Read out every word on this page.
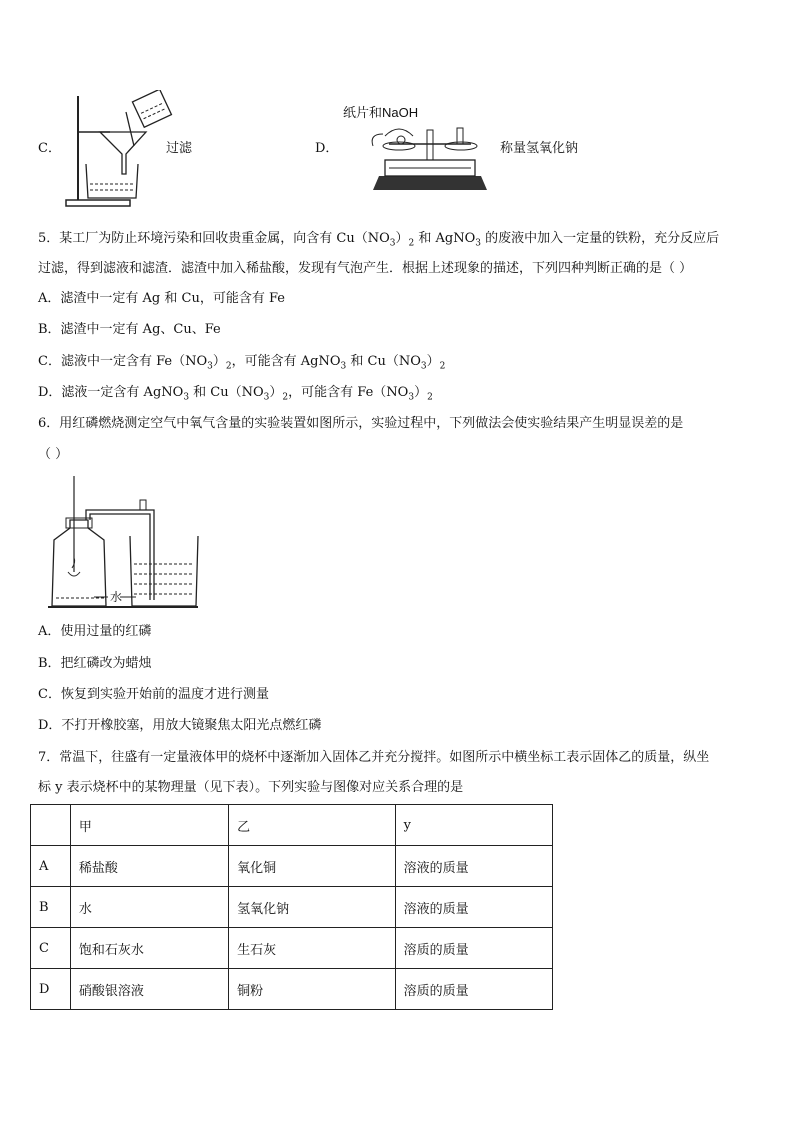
C．	过滤	D．
纸片和NaOH
称量氢氧化钠
5．某工厂为防止环境污染和回收贵重金属，向含有 $Cu(NO_3)_2$ 和 AgNO$_3$ 的废液中加入一定量的铁粉，充分反应后
过滤，得到滤液和滤渣．滤渣中加入稀盐酸，发现有气泡产生．根据上述现象的描述，下列四种判断正确的是（ ）
A．滤渣中一定有 Ag 和 Cu，可能含有 Fe
B．滤渣中一定有 Ag、Cu、Fe
C．滤液中一定含有 $Fe(NO_3)_2$，可能含有 AgNO$_3$ 和 $Cu(NO_3)_2$
D．滤液一定含有 AgNO$_3$ 和 $Cu(NO_3)_2$，可能含有 $Fe(NO_3)_2$
6．用红磷燃烧测定空气中氧气含量的实验装置如图所示，实验过程中，下列做法会使实验结果产生明显误差的是
（ ）
水
A．使用过量的红磷
B．把红磷改为蜡烛
C．恢复到实验开始前的温度才进行测量
D．不打开橡胶塞，用放大镜聚焦太阳光点燃红磷
7．常温下，往盛有一定量液体甲的烧杯中逐渐加入固体乙并充分搅拌。如图所示中横坐标工表示固体乙的质量，纵坐
标 y 表示烧杯中的某物理量（见下表）。下列实验与图像对应关系合理的是
	甲	乙	y
A	稀盐酸	氧化铜	溶液的质量
B	水	氢氧化钠	溶液的质量
C	饱和石灰水	生石灰	溶质的质量
D	硝酸银溶液	铜粉	溶质的质量
